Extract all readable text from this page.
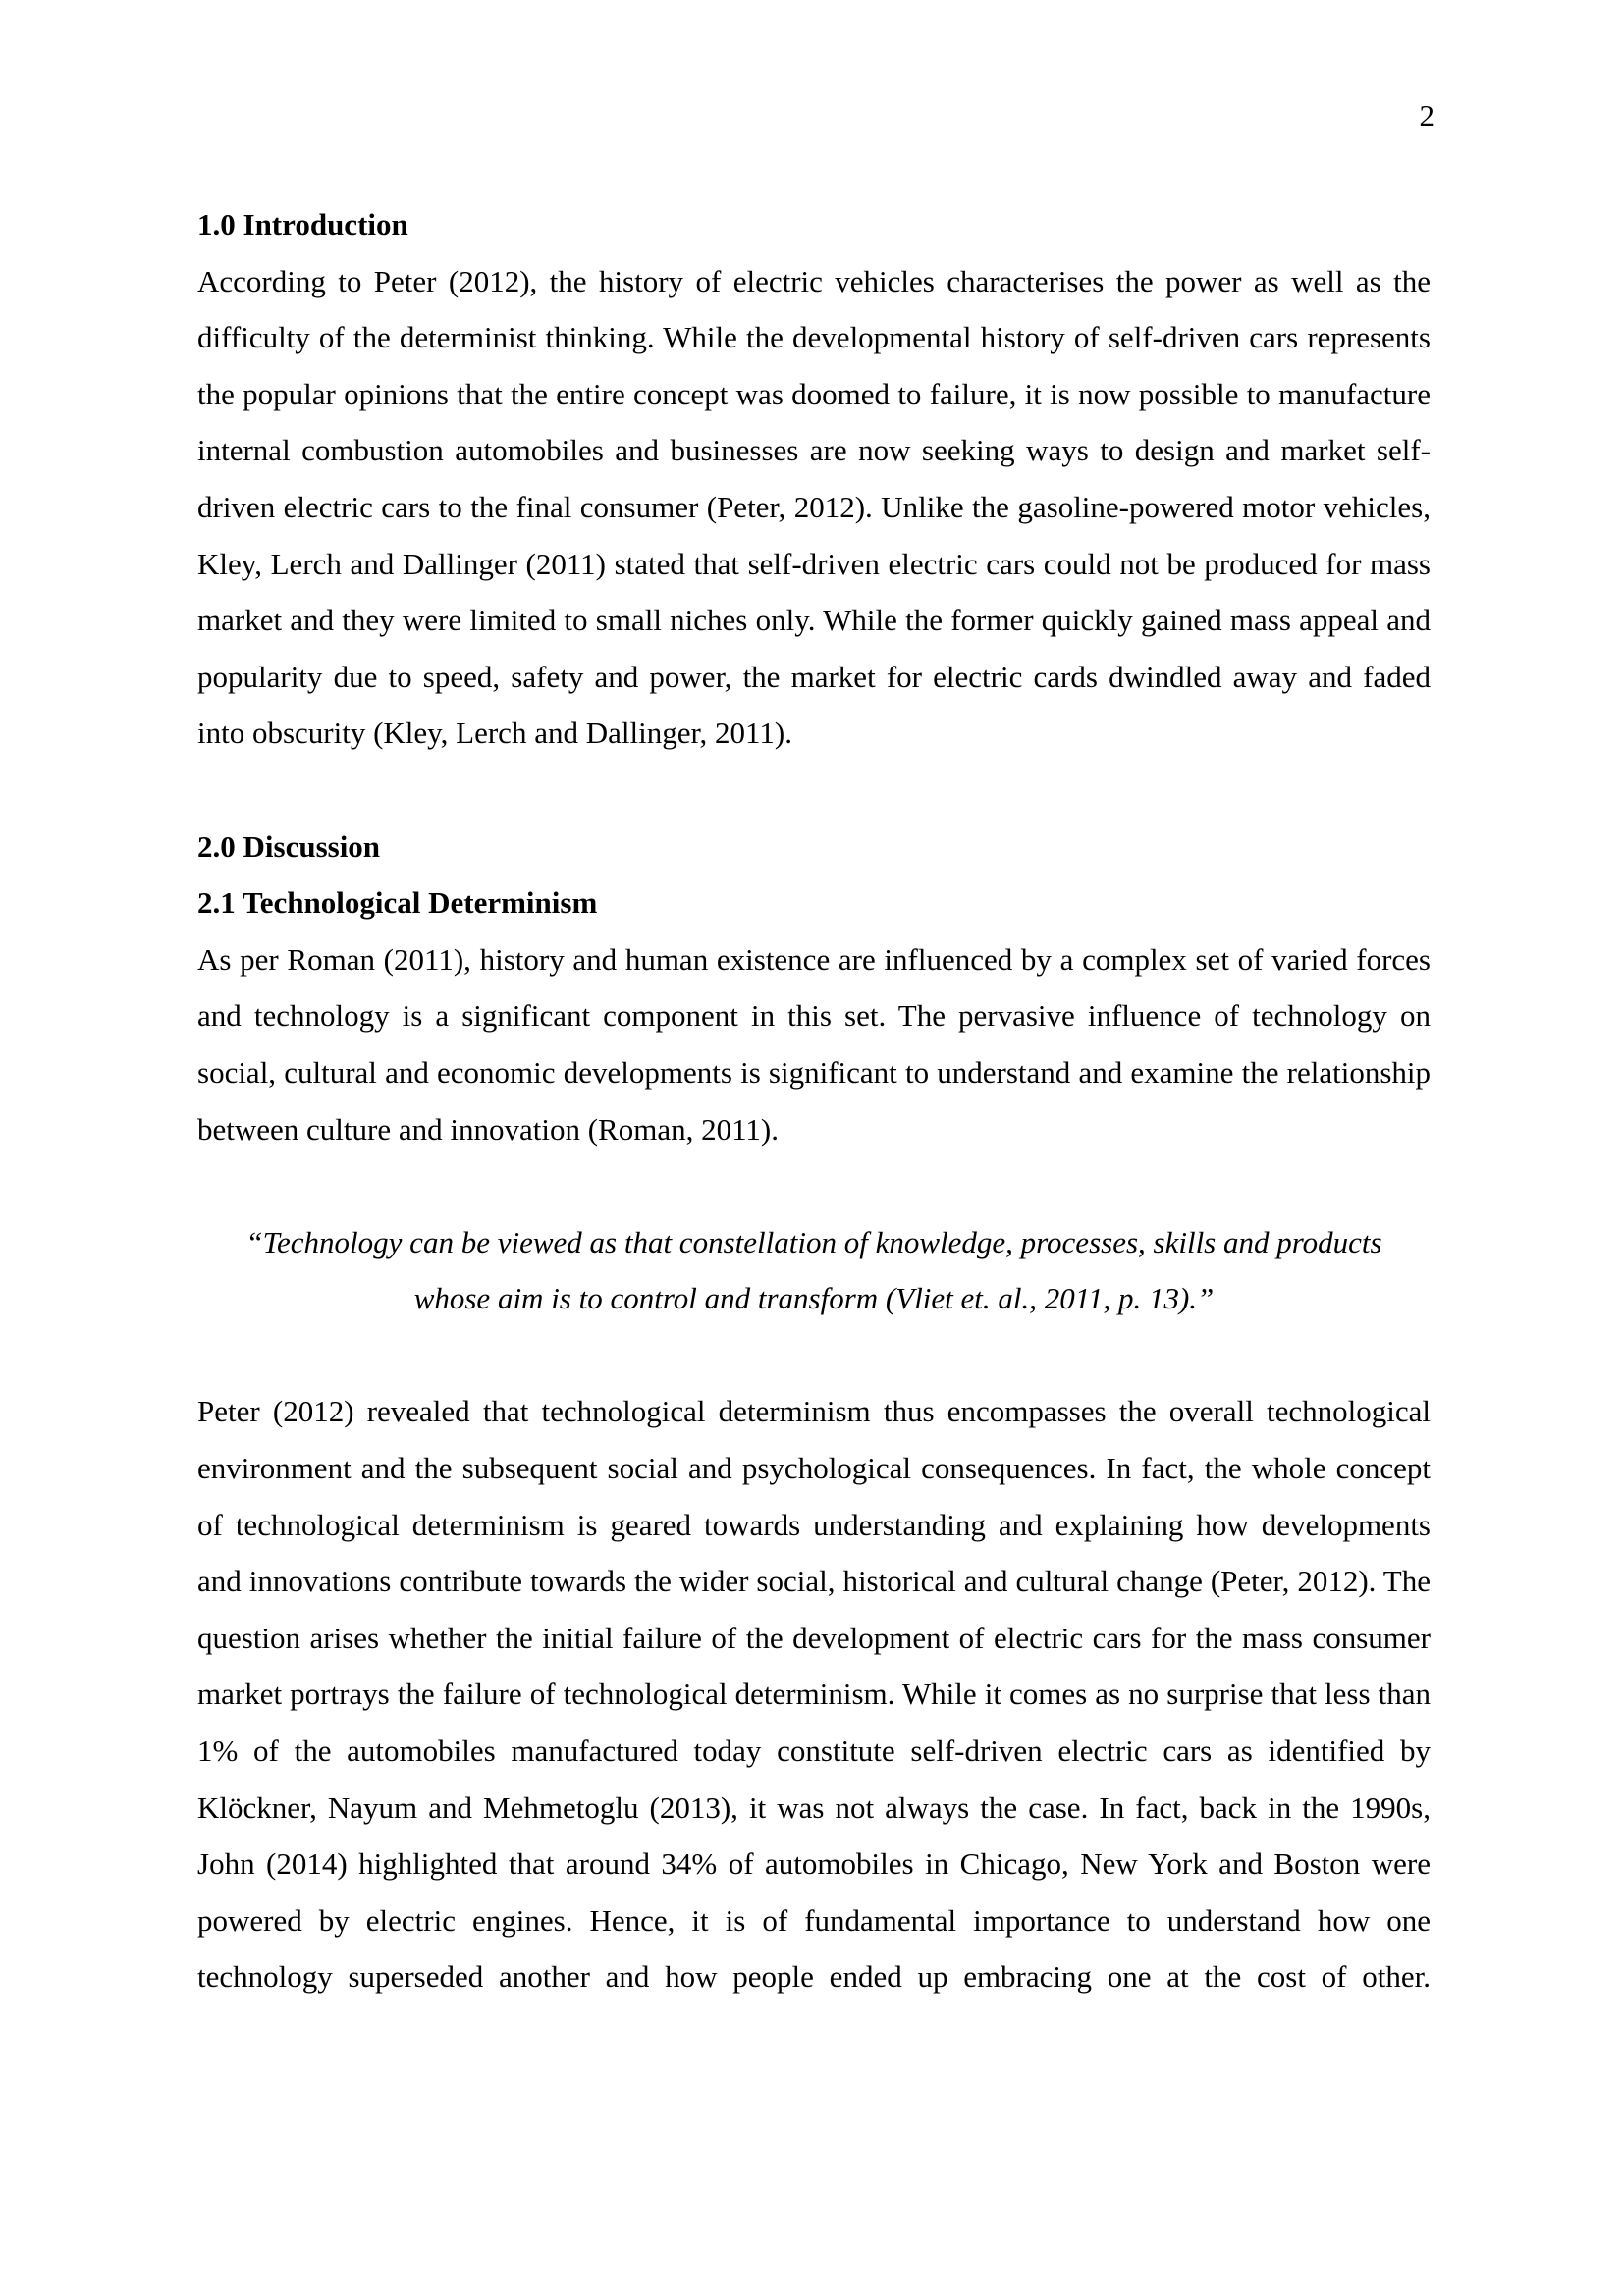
2

1.0 Introduction

According to Peter (2012), the history of electric vehicles characterises the power as well as the difficulty of the determinist thinking. While the developmental history of self-driven cars represents the popular opinions that the entire concept was doomed to failure, it is now possible to manufacture internal combustion automobiles and businesses are now seeking ways to design and market self-driven electric cars to the final consumer (Peter, 2012). Unlike the gasoline-powered motor vehicles, Kley, Lerch and Dallinger (2011) stated that self-driven electric cars could not be produced for mass market and they were limited to small niches only. While the former quickly gained mass appeal and popularity due to speed, safety and power, the market for electric cards dwindled away and faded into obscurity (Kley, Lerch and Dallinger, 2011).

2.0 Discussion

2.1 Technological Determinism

As per Roman (2011), history and human existence are influenced by a complex set of varied forces and technology is a significant component in this set. The pervasive influence of technology on social, cultural and economic developments is significant to understand and examine the relationship between culture and innovation (Roman, 2011).

“Technology can be viewed as that constellation of knowledge, processes, skills and products

whose aim is to control and transform (Vliet et. al., 2011, p. 13).”

Peter (2012) revealed that technological determinism thus encompasses the overall technological environment and the subsequent social and psychological consequences. In fact, the whole concept of technological determinism is geared towards understanding and explaining how developments and innovations contribute towards the wider social, historical and cultural change (Peter, 2012). The question arises whether the initial failure of the development of electric cars for the mass consumer market portrays the failure of technological determinism. While it comes as no surprise that less than 1% of the automobiles manufactured today constitute self-driven electric cars as identified by Klöckner, Nayum and Mehmetoglu (2013), it was not always the case. In fact, back in the 1990s, John (2014) highlighted that around 34% of automobiles in Chicago, New York and Boston were powered by electric engines. Hence, it is of fundamental importance to understand how one technology superseded another and how people ended up embracing one at the cost of other.
